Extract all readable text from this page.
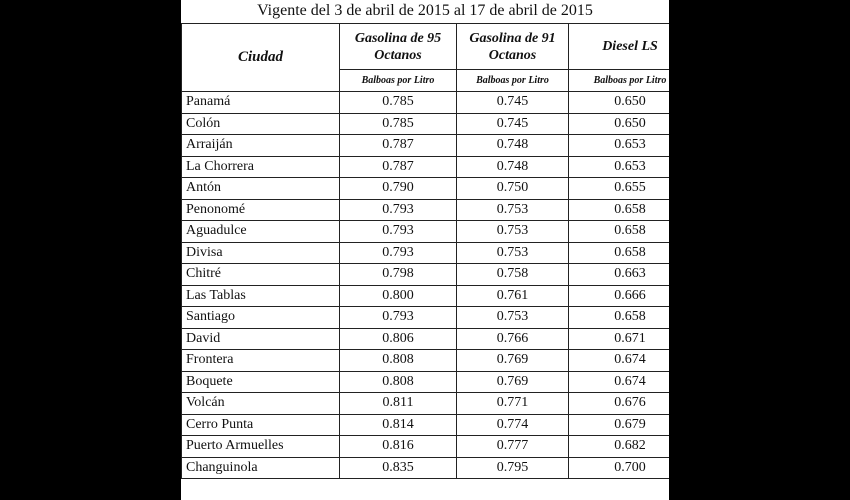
Vigente del 3 de abril de 2015 al 17 de abril de 2015
Ciudad	Gasolina de 95 Octanos	Gasolina de 91 Octanos	Diesel LS
	Balboas por Litro	Balboas por Litro	Balboas por Litro
Panamá	0.785	0.745	0.650
Colón	0.785	0.745	0.650
Arraiján	0.787	0.748	0.653
La Chorrera	0.787	0.748	0.653
Antón	0.790	0.750	0.655
Penonomé	0.793	0.753	0.658
Aguadulce	0.793	0.753	0.658
Divisa	0.793	0.753	0.658
Chitré	0.798	0.758	0.663
Las Tablas	0.800	0.761	0.666
Santiago	0.793	0.753	0.658
David	0.806	0.766	0.671
Frontera	0.808	0.769	0.674
Boquete	0.808	0.769	0.674
Volcán	0.811	0.771	0.676
Cerro Punta	0.814	0.774	0.679
Puerto Armuelles	0.816	0.777	0.682
Changuinola	0.835	0.795	0.700
